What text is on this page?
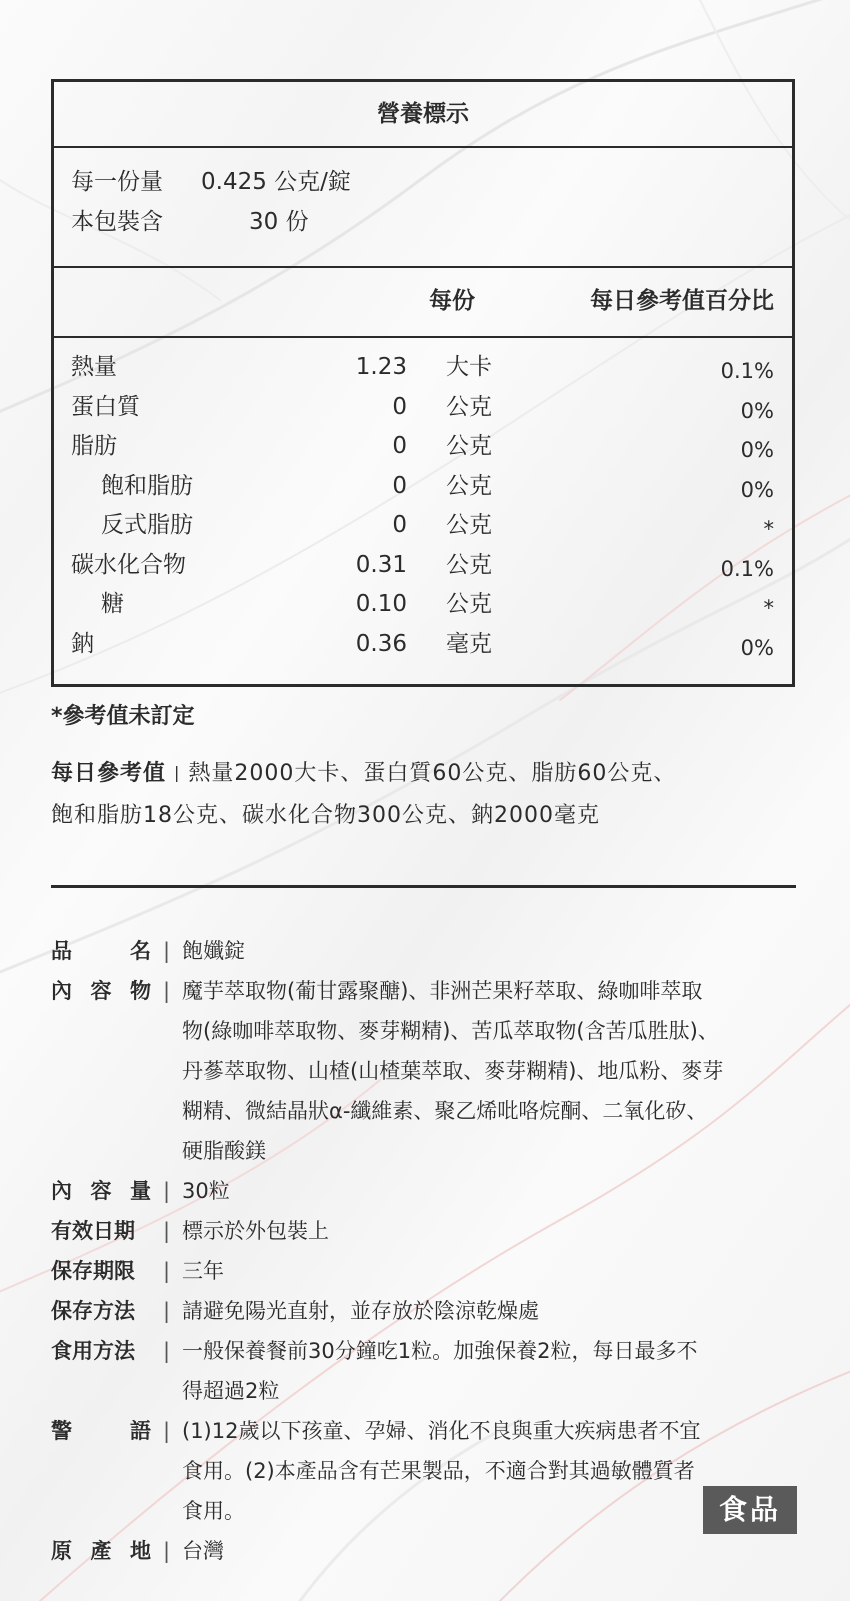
營養標示
每一份量 0.425 公克/錠
本包裝含	30 份
每份	每日參考值百分比
熱量	1.23 大卡	0.1%
蛋白質	0 公克	0%
脂肪	0 公克	0%
飽和脂肪	0 公克	0%
反式脂肪	0 公克	*
碳水化合物	0.31 公克	0.1%
糖	0.10 公克	*
鈉	0.36 毫克	0%
*參考值未訂定
每日參考值 | 熱量2000大卡、蛋白質60公克、脂肪60公克、
飽和脂肪18公克、碳水化合物300公克、鈉2000毫克
品	名 | 飽孅錠
內 容 物 | 魔芋萃取物(葡甘露聚醣)、非洲芒果籽萃取、綠咖啡萃取
物(綠咖啡萃取物、麥芽糊精)、苦瓜萃取物(含苦瓜胜肽)、
丹蔘萃取物、山楂(山楂葉萃取、麥芽糊精)、地瓜粉、麥芽
糊精、微結晶狀α-纖維素、聚乙烯吡咯烷酮、二氧化矽、
硬脂酸鎂
內 容 量 | 30粒
有效日期	| 標示於外包裝上
保存期限	| 三年
保存方法	| 請避免陽光直射，並存放於陰涼乾燥處
食用方法	| 一般保養餐前30分鐘吃1粒。加強保養2粒，每日最多不
得超過2粒
警	語 | (1)12歲以下孩童、孕婦、消化不良與重大疾病患者不宜
食用。(2)本產品含有芒果製品，不適合對其過敏體質者
食用。
原 產 地 | 台灣
食品
